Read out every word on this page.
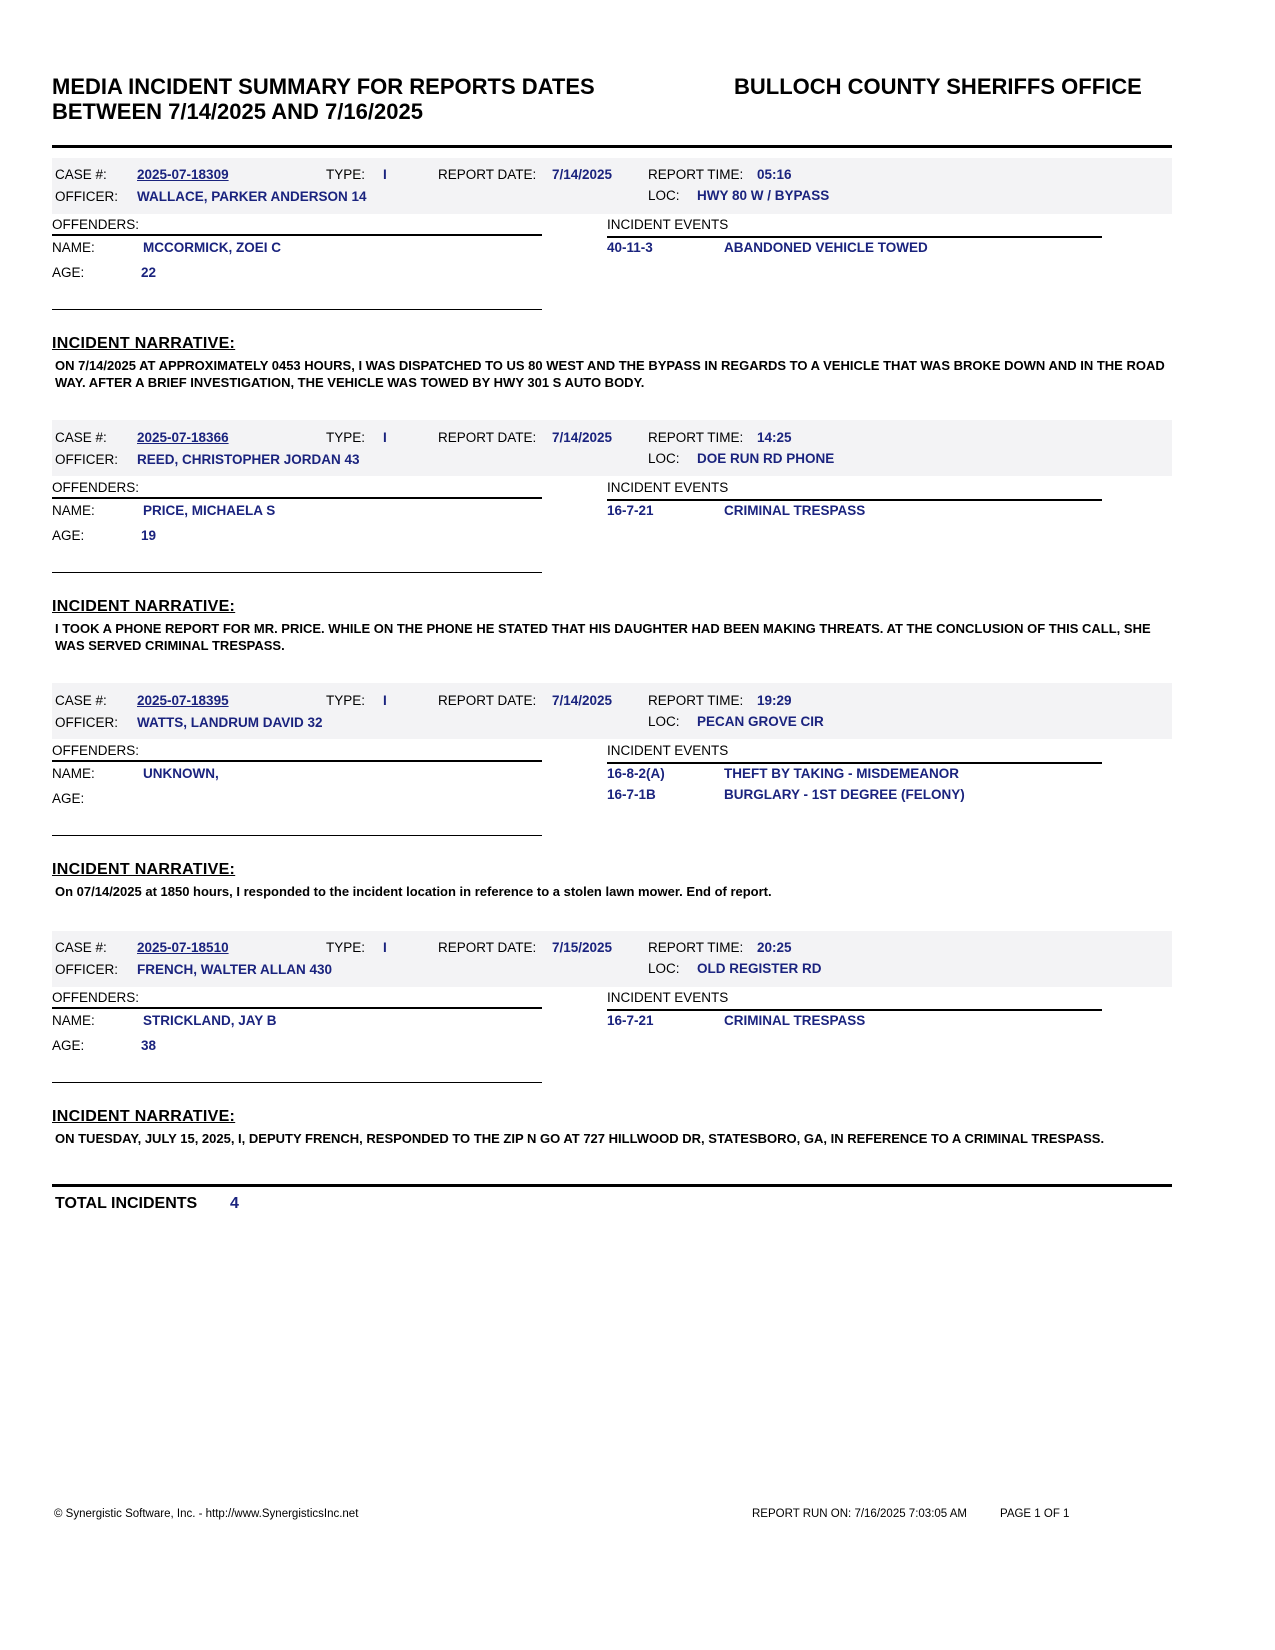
MEDIA INCIDENT SUMMARY FOR REPORTS DATES
BETWEEN 7/14/2025 AND 7/16/2025
BULLOCH COUNTY SHERIFFS OFFICE
CASE #: 2025-07-18309	TYPE: I	REPORT DATE: 7/14/2025	REPORT TIME: 05:16
OFFICER: WALLACE, PARKER ANDERSON 14	LOC: HWY 80 W / BYPASS
OFFENDERS:	INCIDENT EVENTS
NAME:	MCCORMICK, ZOEI C
AGE:	22
40-11-3	ABANDONED VEHICLE TOWED
INCIDENT NARRATIVE:
ON 7/14/2025 AT APPROXIMATELY 0453 HOURS, I WAS DISPATCHED TO US 80 WEST AND THE BYPASS IN REGARDS TO A VEHICLE THAT WAS BROKE DOWN AND IN THE ROAD WAY. AFTER A BRIEF INVESTIGATION, THE VEHICLE WAS TOWED BY HWY 301 S AUTO BODY.
CASE #: 2025-07-18366	TYPE: I	REPORT DATE: 7/14/2025	REPORT TIME: 14:25
OFFICER: REED, CHRISTOPHER JORDAN 43	LOC: DOE RUN RD PHONE
OFFENDERS:	INCIDENT EVENTS
NAME:	PRICE, MICHAELA S
AGE:	19
16-7-21	CRIMINAL TRESPASS
INCIDENT NARRATIVE:
I TOOK A PHONE REPORT FOR MR. PRICE. WHILE ON THE PHONE HE STATED THAT HIS DAUGHTER HAD BEEN MAKING THREATS. AT THE CONCLUSION OF THIS CALL, SHE WAS SERVED CRIMINAL TRESPASS.
CASE #: 2025-07-18395	TYPE: I	REPORT DATE: 7/14/2025	REPORT TIME: 19:29
OFFICER: WATTS, LANDRUM DAVID 32	LOC: PECAN GROVE CIR
OFFENDERS:	INCIDENT EVENTS
NAME:	UNKNOWN,
AGE:
16-8-2(A)	THEFT BY TAKING - MISDEMEANOR
16-7-1B	BURGLARY - 1ST DEGREE (FELONY)
INCIDENT NARRATIVE:
On 07/14/2025 at 1850 hours, I responded to the incident location in reference to a stolen lawn mower. End of report.
CASE #: 2025-07-18510	TYPE: I	REPORT DATE: 7/15/2025	REPORT TIME: 20:25
OFFICER: FRENCH, WALTER ALLAN 430	LOC: OLD REGISTER RD
OFFENDERS:	INCIDENT EVENTS
NAME:	STRICKLAND, JAY B
AGE:	38
16-7-21	CRIMINAL TRESPASS
INCIDENT NARRATIVE:
ON TUESDAY, JULY 15, 2025, I, DEPUTY FRENCH, RESPONDED TO THE ZIP N GO AT 727 HILLWOOD DR, STATESBORO, GA, IN REFERENCE TO A CRIMINAL TRESPASS.
TOTAL INCIDENTS 4
© Synergistic Software, Inc. - http://www.SynergisticsInc.net	REPORT RUN ON: 7/16/2025 7:03:05 AM	PAGE 1 OF 1
